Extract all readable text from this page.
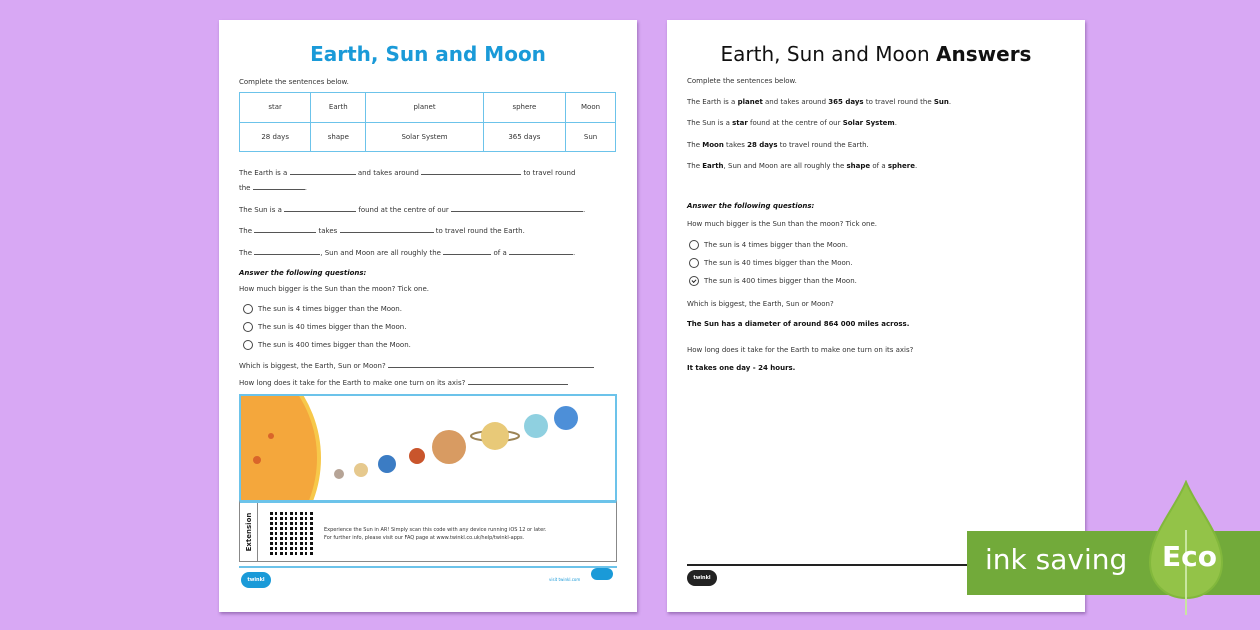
Earth, Sun and Moon
Complete the sentences below.
star	Earth	planet	sphere	Moon
28 days	shape	Solar System	365 days	Sun
The Earth is a	and takes around	to travel round
the	.
The Sun is a	found at the centre of our	.
The	takes	to travel round the Earth.
The	, Sun and Moon are all roughly the	of a	.
Answer the following questions:
How much bigger is the Sun than the moon? Tick one.
The sun is 4 times bigger than the Moon.
The sun is 40 times bigger than the Moon.
The sun is 400 times bigger than the Moon.
Which is biggest, the Earth, Sun or Moon?
How long does it take for the Earth to make one turn on its axis?
Extension	Experience the Sun in AR! Simply scan this code with any device running iOS 12 or later.
For further info, please visit our FAQ page at www.twinkl.co.uk/help/twinkl-apps.
twinkl	visit twinkl.com
Earth, Sun and Moon Answers
Complete the sentences below.
The Earth is a planet and takes around 365 days to travel round the Sun.
The Sun is a star found at the centre of our Solar System.
The Moon takes 28 days to travel round the Earth.
The Earth, Sun and Moon are all roughly the shape of a sphere.
Answer the following questions:
How much bigger is the Sun than the moon? Tick one.
The sun is 4 times bigger than the Moon.
The sun is 40 times bigger than the Moon.
The sun is 400 times bigger than the Moon.
Which is biggest, the Earth, Sun or Moon?
The Sun has a diameter of around 864 000 miles across.
How long does it take for the Earth to make one turn on its axis?
It takes one day - 24 hours.
twinkl
ink saving Eco
